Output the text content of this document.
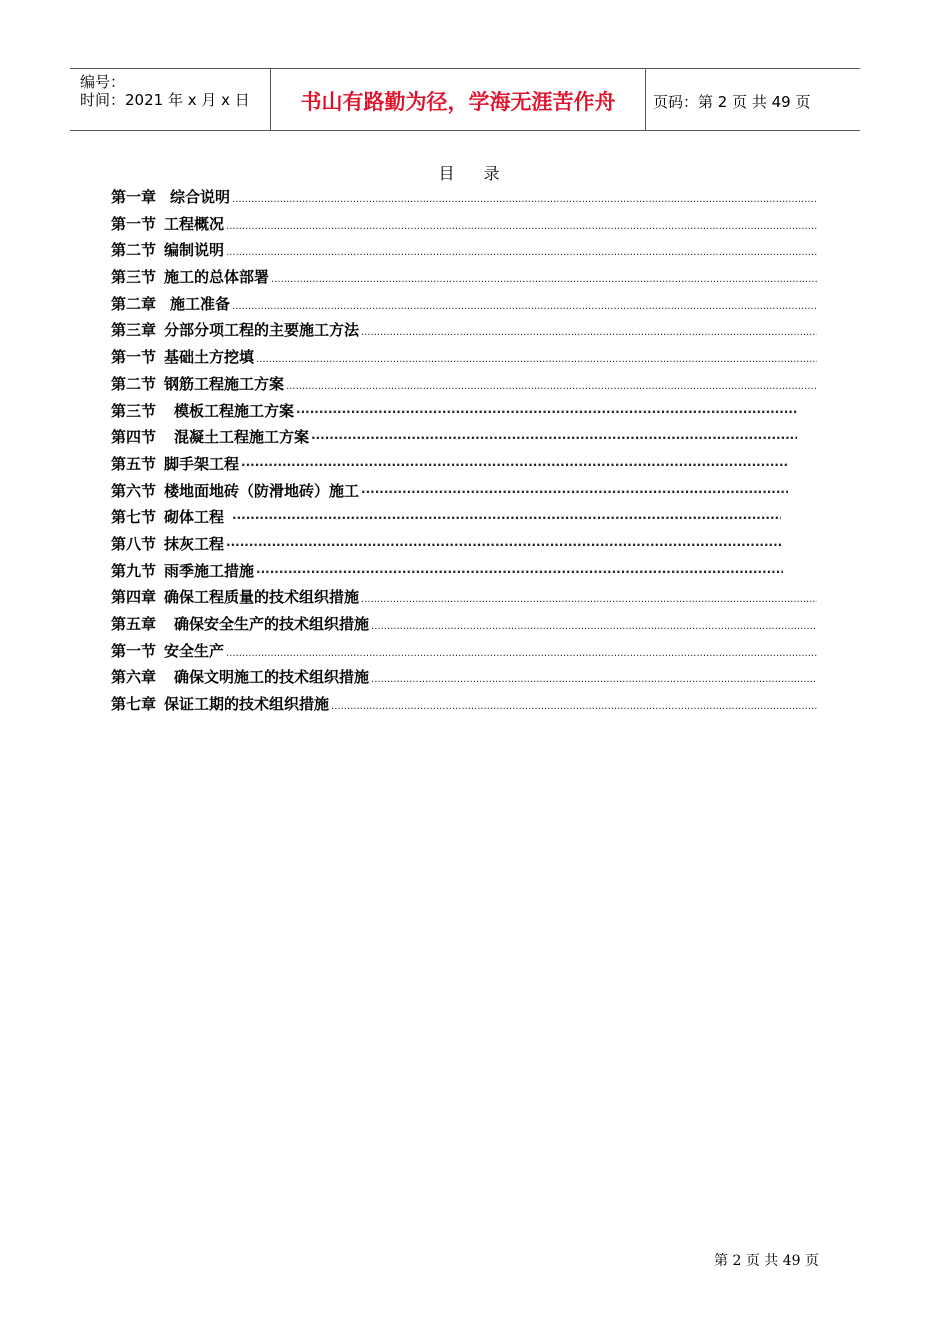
编号：
时间：2021 年 x 月 x 日	书山有路勤为径，学海无涯苦作舟	页码：第 2 页 共 49 页
目 录
第一章 综合说明
.....
第一节 工程概况
.....
第二节 编制说明
.....
第三节 施工的总体部署
.....
第二章 施工准备
.....
第三章 分部分项工程的主要施工方法
.....
第一节 基础土方挖填
.....
第二节 钢筋工程施工方案
.....
第三节 模板工程施工方案
·····
第四节 混凝土工程施工方案
·····
第五节 脚手架工程
·····
第六节 楼地面地砖（防滑地砖）施工
·····
第七节 砌体工程
·····
第八节 抹灰工程
·····
第九节 雨季施工措施
·····
第四章 确保工程质量的技术组织措施
.....
第五章 确保安全生产的技术组织措施
.....
第一节 安全生产
.....
第六章 确保文明施工的技术组织措施
.....
第七章 保证工期的技术组织措施
.....
第 2 页 共 49 页
